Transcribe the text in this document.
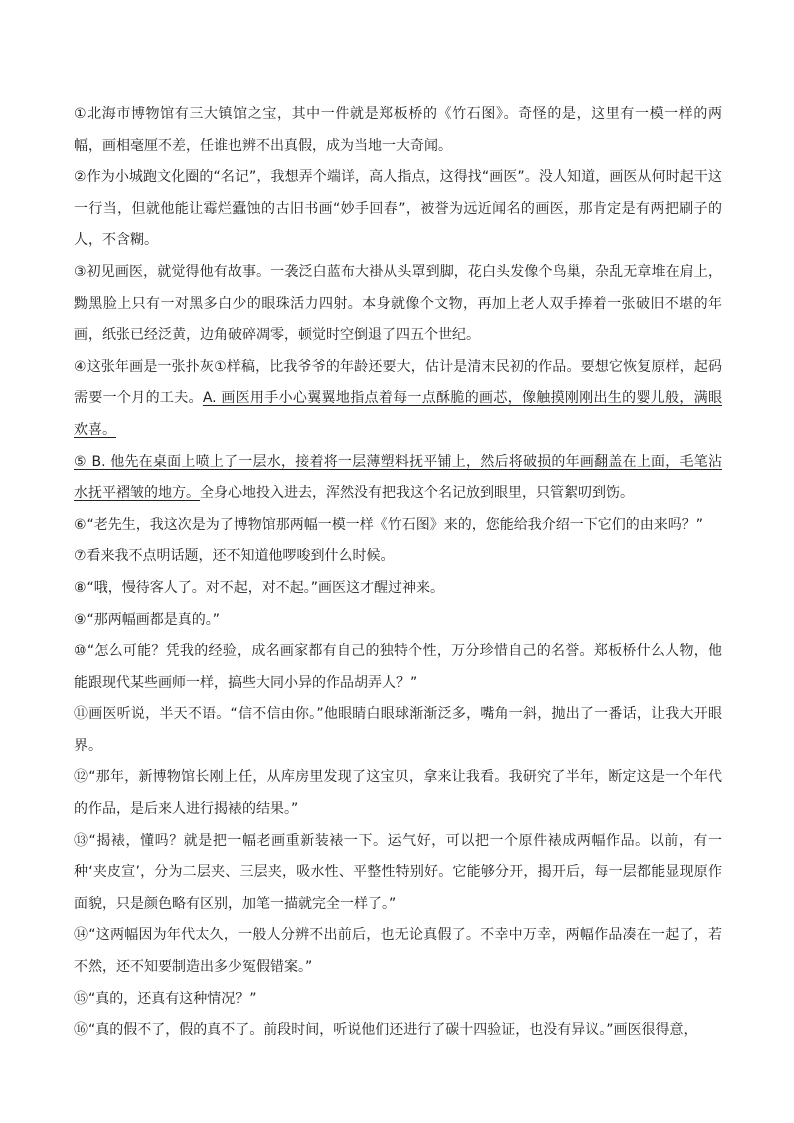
①北海市博物馆有三大镇馆之宝，其中一件就是郑板桥的《竹石图》。奇怪的是，这里有一模一样的两幅，画相毫厘不差，任谁也辨不出真假，成为当地一大奇闻。

②作为小城跑文化圈的“名记”，我想弄个端详，高人指点，这得找“画医”。没人知道，画医从何时起干这一行当，但就他能让霉烂蠹蚀的古旧书画“妙手回春”，被誉为远近闻名的画医，那肯定是有两把刷子的人，不含糊。

③初见画医，就觉得他有故事。一袭泛白蓝布大褂从头罩到脚，花白头发像个鸟巢，杂乱无章堆在肩上，黝黑脸上只有一对黑多白少的眼珠活力四射。本身就像个文物，再加上老人双手捧着一张破旧不堪的年画，纸张已经泛黄，边角破碎凋零，顿觉时空倒退了四五个世纪。

④这张年画是一张扑灰①样稿，比我爷爷的年龄还要大，估计是清末民初的作品。要想它恢复原样，起码需要一个月的工夫。A. 画医用手小心翼翼地指点着每一点酥脆的画芯，像触摸刚刚出生的婴儿般，满眼欢喜。

⑤ B. 他先在桌面上喷上了一层水，接着将一层薄塑料抚平铺上，然后将破损的年画翻盖在上面，毛笔沾水抚平褶皱的地方。全身心地投入进去，浑然没有把我这个名记放到眼里，只管絮叨到饬。

⑥“老先生，我这次是为了博物馆那两幅一模一样《竹石图》来的，您能给我介绍一下它们的由来吗？”

⑦看来我不点明话题，还不知道他啰唆到什么时候。

⑧“哦，慢待客人了。对不起，对不起。”画医这才醒过神来。

⑨“那两幅画都是真的。”

⑩“怎么可能？凭我的经验，成名画家都有自己的独特个性，万分珍惜自己的名誉。郑板桥什么人物，他能跟现代某些画师一样，搞些大同小异的作品胡弄人？”

⑪画医听说，半天不语。“信不信由你。”他眼睛白眼球渐渐泛多，嘴角一斜，抛出了一番话，让我大开眼界。

⑫“那年，新博物馆长刚上任，从库房里发现了这宝贝，拿来让我看。我研究了半年，断定这是一个年代的作品，是后来人进行揭裱的结果。”

⑬“揭裱，懂吗？就是把一幅老画重新装裱一下。运气好，可以把一个原件裱成两幅作品。以前，有一种‘夹皮宣’，分为二层夹、三层夹，吸水性、平整性特别好。它能够分开，揭开后，每一层都能显现原作面貌，只是颜色略有区别，加笔一描就完全一样了。”

⑭“这两幅因为年代太久，一般人分辨不出前后，也无论真假了。不幸中万幸，两幅作品凑在一起了，若不然，还不知要制造出多少冤假错案。”

⑮“真的，还真有这种情况？”

⑯“真的假不了，假的真不了。前段时间，听说他们还进行了碳十四验证，也没有异议。”画医很得意，
